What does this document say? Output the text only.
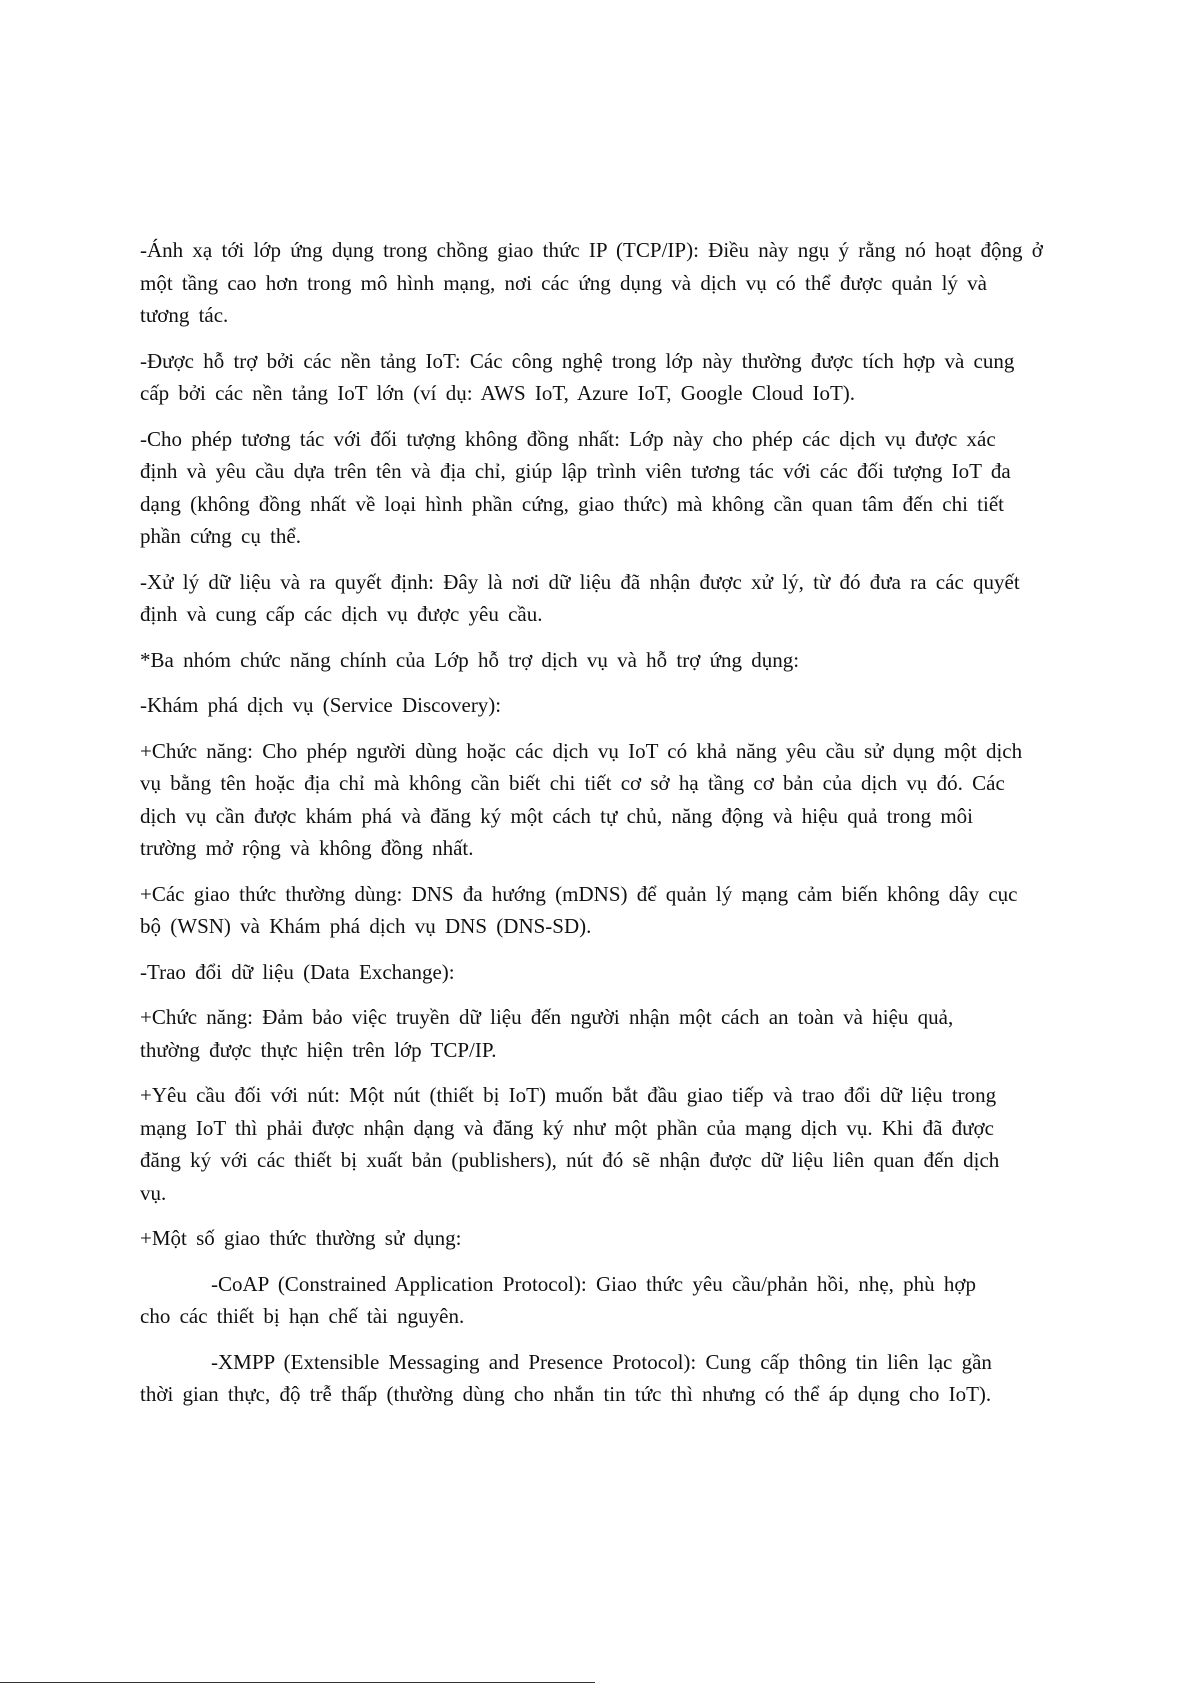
-Ánh xạ tới lớp ứng dụng trong chồng giao thức IP (TCP/IP): Điều này ngụ ý rằng nó hoạt động ở
một tầng cao hơn trong mô hình mạng, nơi các ứng dụng và dịch vụ có thể được quản lý và
tương tác.

-Được hỗ trợ bởi các nền tảng IoT: Các công nghệ trong lớp này thường được tích hợp và cung
cấp bởi các nền tảng IoT lớn (ví dụ: AWS IoT, Azure IoT, Google Cloud IoT).

-Cho phép tương tác với đối tượng không đồng nhất: Lớp này cho phép các dịch vụ được xác
định và yêu cầu dựa trên tên và địa chỉ, giúp lập trình viên tương tác với các đối tượng IoT đa
dạng (không đồng nhất về loại hình phần cứng, giao thức) mà không cần quan tâm đến chi tiết
phần cứng cụ thể.

-Xử lý dữ liệu và ra quyết định: Đây là nơi dữ liệu đã nhận được xử lý, từ đó đưa ra các quyết
định và cung cấp các dịch vụ được yêu cầu.

*Ba nhóm chức năng chính của Lớp hỗ trợ dịch vụ và hỗ trợ ứng dụng:

-Khám phá dịch vụ (Service Discovery):

+Chức năng: Cho phép người dùng hoặc các dịch vụ IoT có khả năng yêu cầu sử dụng một dịch
vụ bằng tên hoặc địa chỉ mà không cần biết chi tiết cơ sở hạ tầng cơ bản của dịch vụ đó. Các
dịch vụ cần được khám phá và đăng ký một cách tự chủ, năng động và hiệu quả trong môi
trường mở rộng và không đồng nhất.

+Các giao thức thường dùng: DNS đa hướng (mDNS) để quản lý mạng cảm biến không dây cục
bộ (WSN) và Khám phá dịch vụ DNS (DNS-SD).

-Trao đổi dữ liệu (Data Exchange):

+Chức năng: Đảm bảo việc truyền dữ liệu đến người nhận một cách an toàn và hiệu quả,
thường được thực hiện trên lớp TCP/IP.

+Yêu cầu đối với nút: Một nút (thiết bị IoT) muốn bắt đầu giao tiếp và trao đổi dữ liệu trong
mạng IoT thì phải được nhận dạng và đăng ký như một phần của mạng dịch vụ. Khi đã được
đăng ký với các thiết bị xuất bản (publishers), nút đó sẽ nhận được dữ liệu liên quan đến dịch
vụ.

+Một số giao thức thường sử dụng:

-CoAP (Constrained Application Protocol): Giao thức yêu cầu/phản hồi, nhẹ, phù hợp
cho các thiết bị hạn chế tài nguyên.

-XMPP (Extensible Messaging and Presence Protocol): Cung cấp thông tin liên lạc gần
thời gian thực, độ trễ thấp (thường dùng cho nhắn tin tức thì nhưng có thể áp dụng cho IoT).
